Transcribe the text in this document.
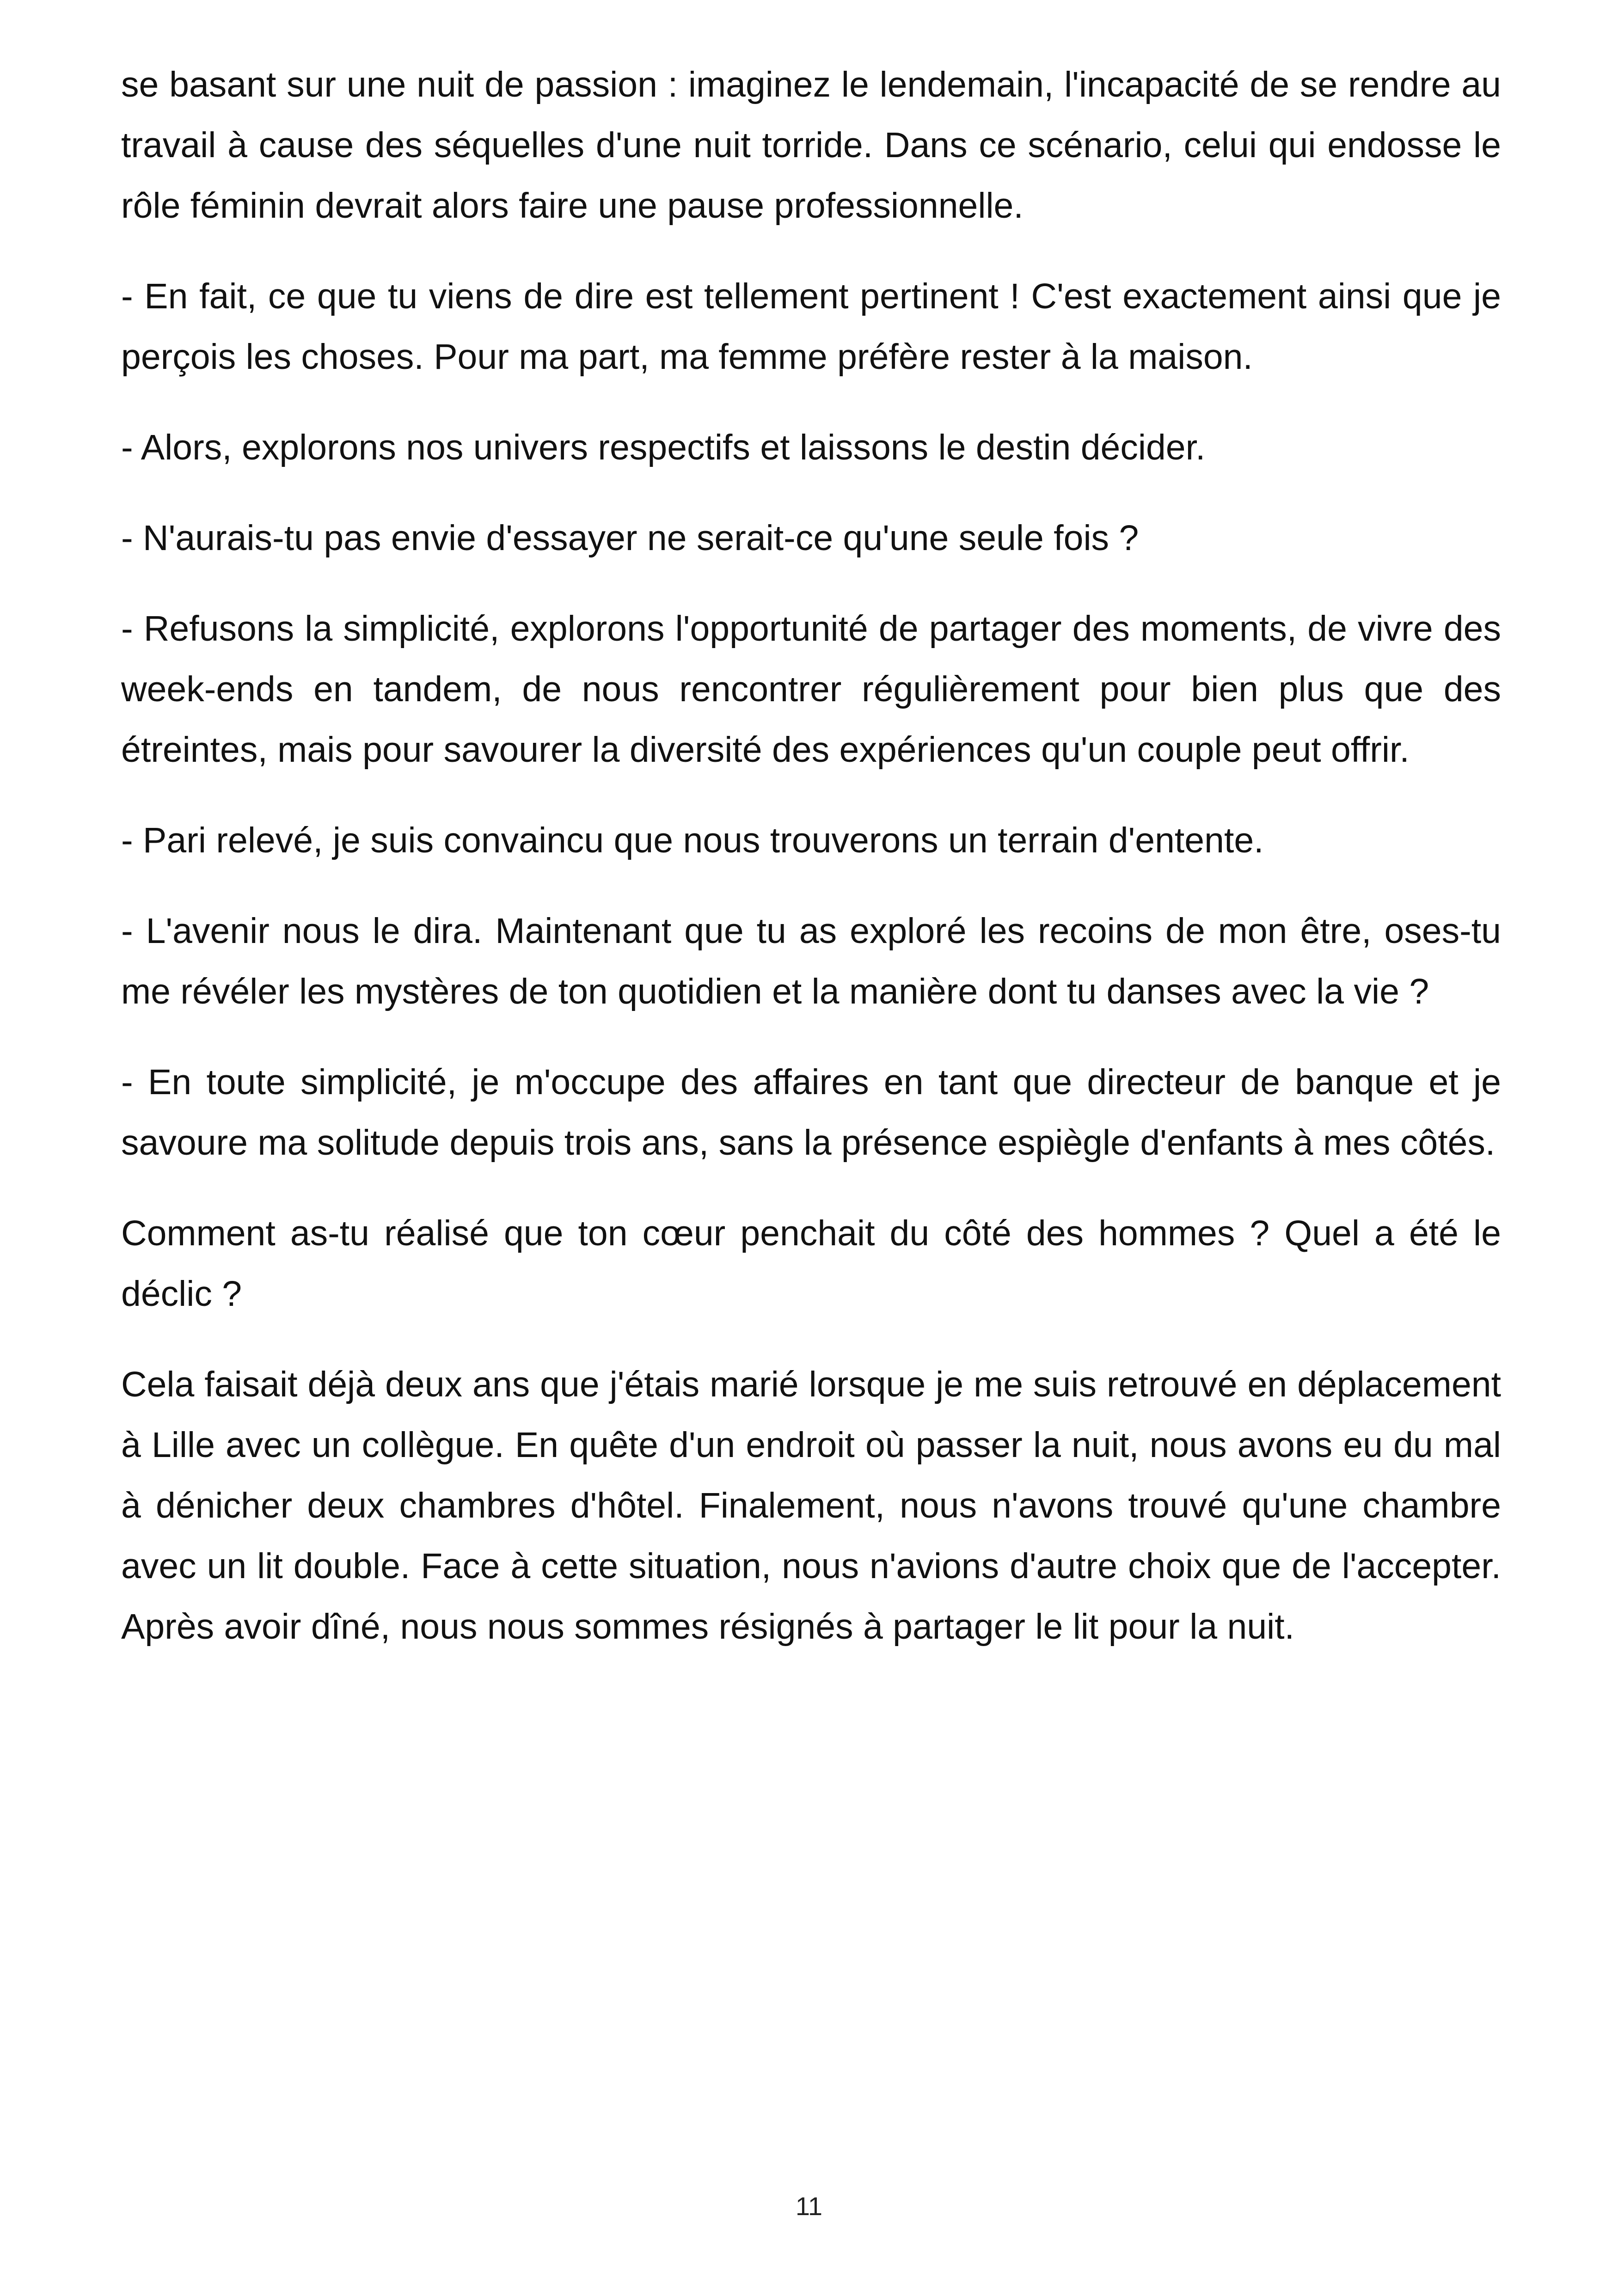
se basant sur une nuit de passion : imaginez le lendemain, l'incapacité de se rendre au travail à cause des séquelles d'une nuit torride. Dans ce scénario, celui qui endosse le rôle féminin devrait alors faire une pause professionnelle.

- En fait, ce que tu viens de dire est tellement pertinent ! C'est exactement ainsi que je perçois les choses. Pour ma part, ma femme préfère rester à la maison.

- Alors, explorons nos univers respectifs et laissons le destin décider.

- N'aurais-tu pas envie d'essayer ne serait-ce qu'une seule fois ?

- Refusons la simplicité, explorons l'opportunité de partager des moments, de vivre des week-ends en tandem, de nous rencontrer régulièrement pour bien plus que des étreintes, mais pour savourer la diversité des expériences qu'un couple peut offrir.

- Pari relevé, je suis convaincu que nous trouverons un terrain d'entente.

- L'avenir nous le dira. Maintenant que tu as exploré les recoins de mon être, oses-tu me révéler les mystères de ton quotidien et la manière dont tu danses avec la vie ?

- En toute simplicité, je m'occupe des affaires en tant que directeur de banque et je savoure ma solitude depuis trois ans, sans la présence espiègle d'enfants à mes côtés.

Comment as-tu réalisé que ton cœur penchait du côté des hommes ? Quel a été le déclic ?

Cela faisait déjà deux ans que j'étais marié lorsque je me suis retrouvé en déplacement à Lille avec un collègue. En quête d'un endroit où passer la nuit, nous avons eu du mal à dénicher deux chambres d'hôtel. Finalement, nous n'avons trouvé qu'une chambre avec un lit double. Face à cette situation, nous n'avions d'autre choix que de l'accepter. Après avoir dîné, nous nous sommes résignés à partager le lit pour la nuit.

11
